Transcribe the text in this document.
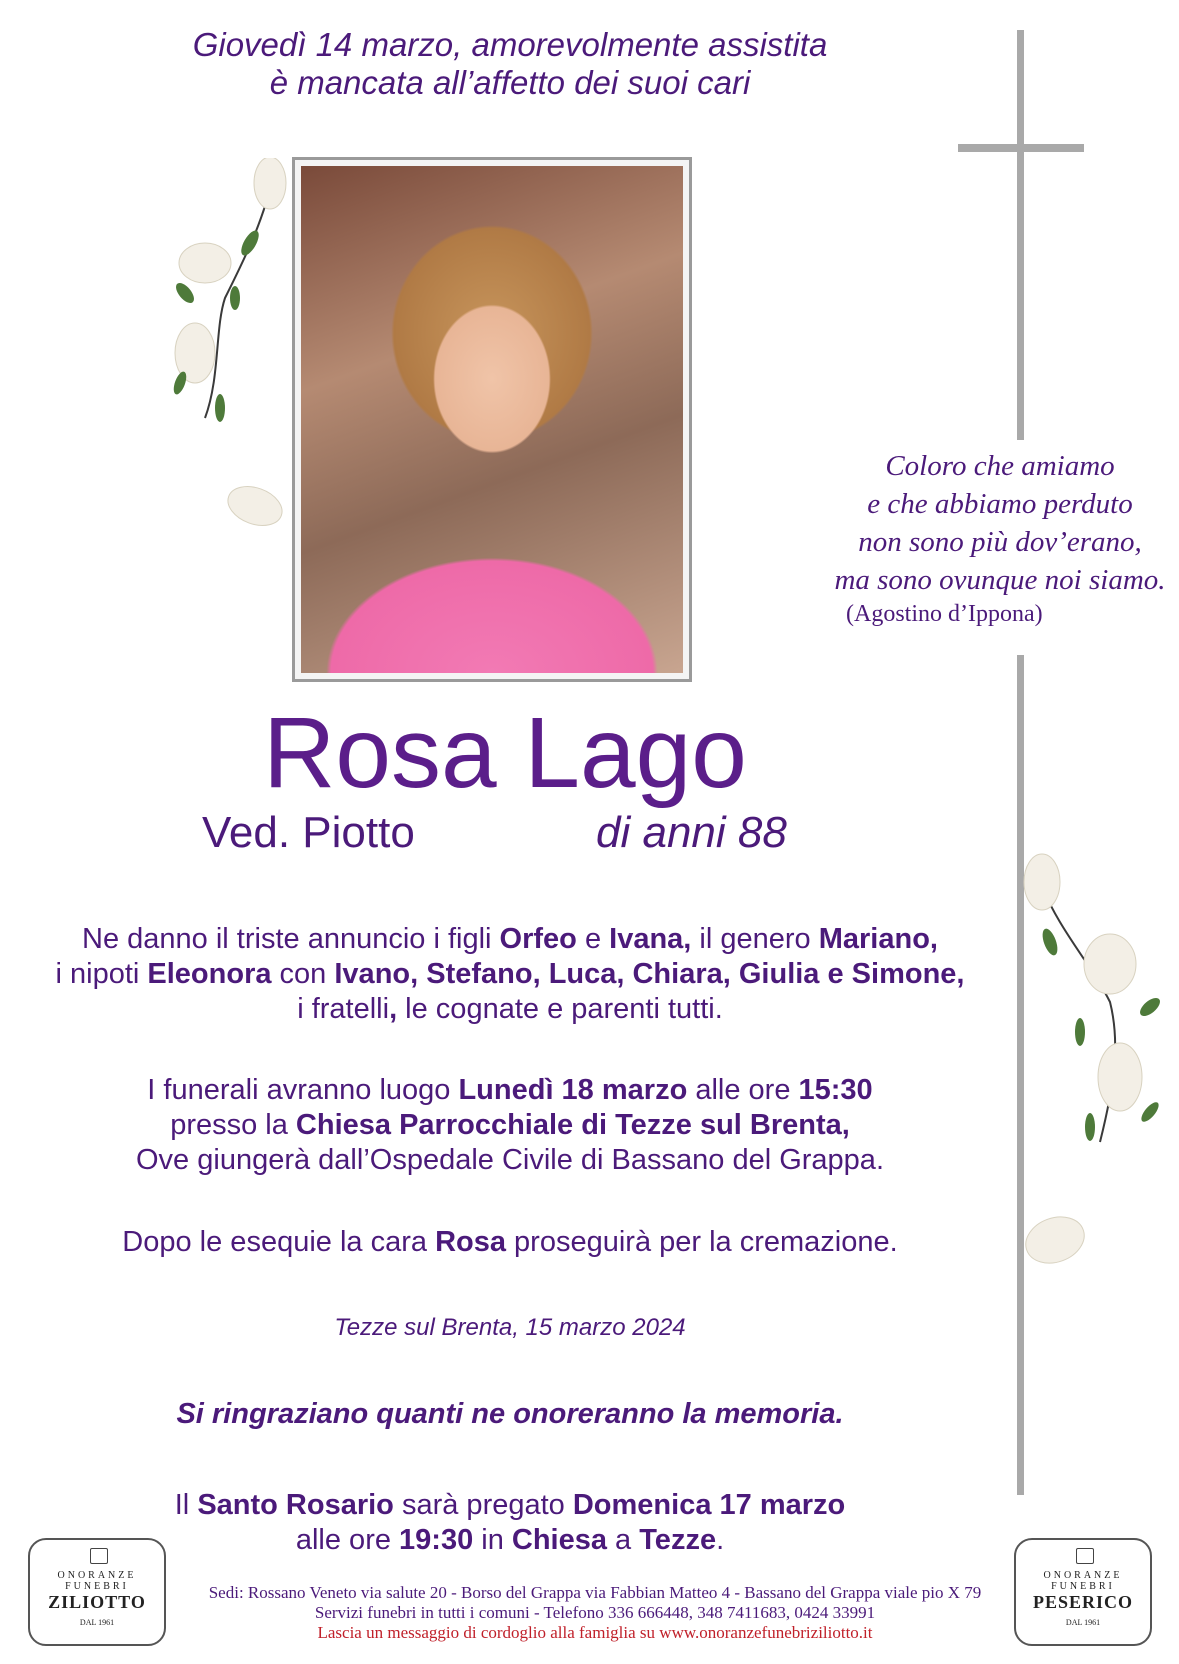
Giovedì 14 marzo, amorevolmente assistita
è mancata all’affetto dei suoi cari
Coloro che amiamo
e che abbiamo perduto
non sono più dov’erano,
ma sono ovunque noi siamo.
(Agostino d’Ippona)
Rosa Lago
Ved. Piotto	di anni 88
Ne danno il triste annuncio i figli Orfeo e Ivana, il genero Mariano,
i nipoti Eleonora con Ivano, Stefano, Luca, Chiara, Giulia e Simone,
i fratelli, le cognate e parenti tutti.
I funerali avranno luogo Lunedì 18 marzo alle ore 15:30
presso la Chiesa Parrocchiale di Tezze sul Brenta,
Ove giungerà dall’Ospedale Civile di Bassano del Grappa.
Dopo le esequie la cara Rosa proseguirà per la cremazione.
Tezze sul Brenta, 15 marzo 2024
Si ringraziano quanti ne onoreranno la memoria.
Il Santo Rosario sarà pregato Domenica 17 marzo
alle ore 19:30 in Chiesa a Tezze.
ONORANZE
FUNEBRI
ZILIOTTO
DAL 1961
ONORANZE
FUNEBRI
PESERICO
DAL 1961
Sedi: Rossano Veneto via salute 20 - Borso del Grappa via Fabbian Matteo 4 - Bassano del Grappa viale pio X 79
Servizi funebri in tutti i comuni - Telefono 336 666448, 348 7411683, 0424 33991
Lascia un messaggio di cordoglio alla famiglia su www.onoranzefunebriziliotto.it
